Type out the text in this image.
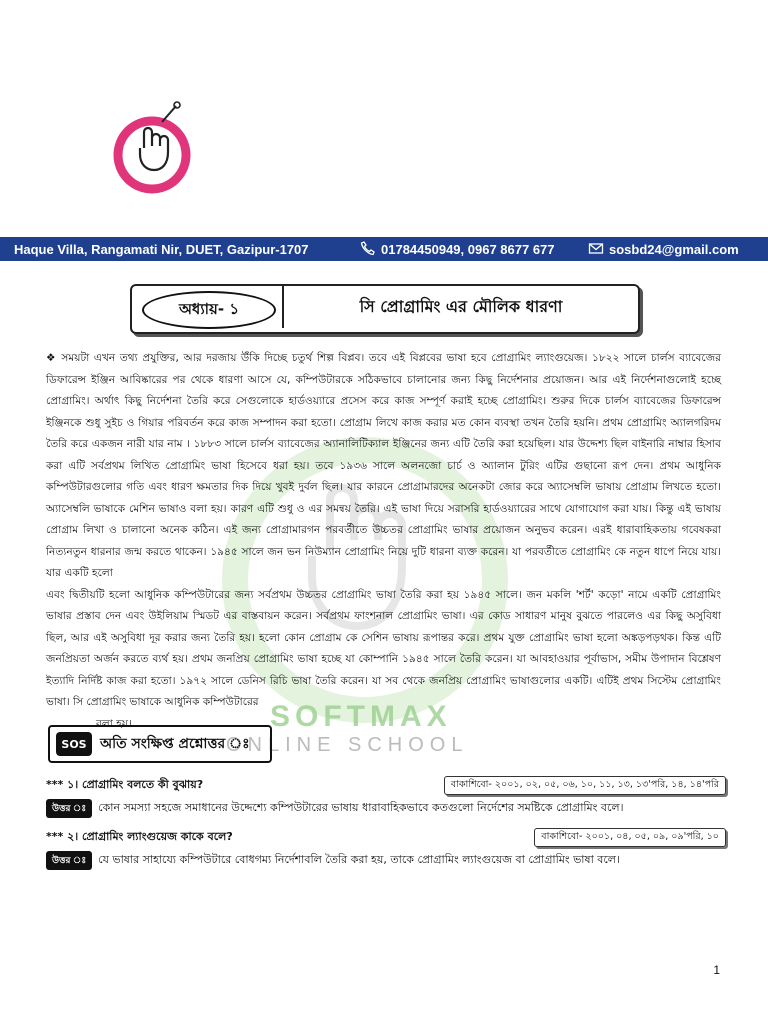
Haque Villa, Rangamati Nir, DUET, Gazipur-1707	01784450949, 0967 8677 677	sosbd24@gmail.com
অধ্যায়- ১	সি প্রোগ্রামিং এর মৌলিক ধারণা
SOFTMAX
ONLINE SCHOOL

❖ সময়টা এখন তথ্য প্রযুক্তির, আর দরজায় উঁকি দিচ্ছে চতুর্থ শিল্প বিপ্লব। তবে এই বিপ্লবের ভাষা হবে প্রোগ্রামিং ল্যাংগুয়েজ। ১৮২২ সালে চার্লস ব্যাবেজের ডিফারেন্স ইঞ্জিন আবিষ্কারের পর থেকে ধারণা আসে যে, কম্পিউটারকে সঠিকভাবে চালানোর জন্য কিছু নির্দেশনার প্রয়োজন। আর এই নির্দেশনাগুলোই হচ্ছে প্রোগ্রামিং। অর্থাৎ কিছু নির্দেশনা তৈরি করে সেগুলোকে হার্ডওয়্যারে প্রসেস করে কাজ সম্পূর্ণ করাই হচ্ছে প্রোগ্রামিং। শুরুর দিকে চার্লস ব্যাবেজের ডিফারেন্স ইঞ্জিনকে শুধু সুইচ ও গিয়ার পরিবর্তন করে কাজ সম্পাদন করা হতো। প্রোগ্রাম লিখে কাজ করার মত কোন ব্যবস্থা তখন তৈরি হয়নি। প্রথম প্রোগ্রামিং অ্যালগরিদম তৈরি করে একজন নারী যার নাম । ১৮৮৩ সালে চার্লস ব্যাবেজের অ্যানালিটিক্যাল ইঞ্জিনের জন্য এটি তৈরি করা হয়েছিল। যার উদ্দেশ্য ছিল বাইনারি নাম্বার হিসাব করা এটি সর্বপ্রথম লিখিত প্রোগ্রামিং ভাষা হিসেবে ধরা হয়। তবে ১৯৩৬ সালে অলনজো চার্চ ও অ্যালান টুরিং এটির গুছানো রূপ দেন। প্রথম আধুনিক কম্পিউটারগুলোর গতি এবং ধারণ ক্ষমতার দিক দিয়ে খুবই দুর্বল ছিল। যার কারনে প্রোগ্রামারদের অনেকটা জোর করে অ্যাসেম্বলি ভাষায় প্রোগ্রাম লিখতে হতো। অ্যাসেম্বলি ভাষাকে মেশিন ভাষাও বলা হয়। কারণ এটি শুধু ও এর সমন্বয় তৈরি। এই ভাষা দিয়ে সরাসরি হার্ডওয়্যারের সাথে যোগাযোগ করা যায়। কিন্তু এই ভাষায় প্রোগ্রাম লিখা ও চালানো অনেক কঠিন। এই জন্য প্রোগ্রামারগন পরবর্তীতে উচ্চতর প্রোগ্রামিং ভাষার প্রয়োজন অনুভব করেন। এরই ধারাবাহিকতায় গবেষকরা নিত্যনতুন ধারনার জন্ম করতে থাকেন। ১৯৪৫ সালে জন ভন নিউম্যান প্রোগ্রামিং নিয়ে দুটি ধারনা ব্যক্ত করেন। যা পরবর্তীতে প্রোগ্রামিং কে নতুন ধাপে নিয়ে যায়। যার একটি হলো

এবং দ্বিতীয়টি হলো আধুনিক কম্পিউটারের জন্য সর্বপ্রথম উচ্চতর প্রোগ্রামিং ভাষা তৈরি করা হয় ১৯৪৫ সালে। জন মকলি 'শর্ট' কড়ো' নামে একটি প্রোগ্রামিং ভাষার প্রস্তাব দেন এবং উইলিয়াম স্মিডট এর বাস্তবায়ন করেন। সর্বপ্রথম ফাংশনাল প্রোগ্রামিং ভাষা। এর কোড সাধারণ মানুষ বুঝতে পারলেও এর কিছু অসুবিধা ছিল, আর এই অসুবিধা দূর করার জন্য তৈরি হয়। হলো কোন প্রোগ্রাম কে সেশিন ভাষায় রূপান্তর করে। প্রথম যুক্ত প্রোগ্রামিং ভাষা হলো অঙ্কড়পড়থক। কিন্ত এটি জনপ্রিয়তা অর্জন করতে ব্যর্থ হয়। প্রথম জনপ্রিয় প্রোগ্রামিং ভাষা হচ্ছে যা কোম্পানি ১৯৪৫ সালে তৈরি করেন। যা আবহাওয়ার পূর্বাভাস, সমীম উপাদান বিশ্লেষণ ইত্যাদি নির্দিষ্ট কাজ করা হতো। ১৯৭২ সালে ডেনিস রিচি ভাষা তৈরি করেন। যা সব থেকে জনপ্রিয় প্রোগ্রামিং ভাষাগুলোর একটি। এটিই প্রথম সিস্টেম প্রোগ্রামিং ভাষা। সি প্রোগ্রামিং ভাষাকে আধুনিক কম্পিউটারের

বলা হয়।

SOS অতি সংক্ষিপ্ত প্রশ্নোত্তর ঃ
*** ১। প্রোগ্রামিং বলতে কী বুঝায়?	বাকাশিবো- ২০০১, ০২, ০৫, ০৬, ১০, ১১, ১৩, ১৩'পরি, ১৪, ১৪'পরি
উত্তর ঃ	কোন সমস্যা সহজে সমাধানের উদ্দেশ্যে কম্পিউটারের ভাষায় ধারাবাহিকভাবে কতগুলো নির্দেশের সমষ্টিকে প্রোগ্রামিং বলে।
*** ২। প্রোগ্রামিং ল্যাংগুয়েজ কাকে বলে?	বাকাশিবো- ২০০১, ০৪, ০৫, ০৯, ০৯'পরি, ১০
উত্তর ঃ	যে ভাষার সাহায্যে কম্পিউটারে বোধগম্য নির্দেশাবলি তৈরি করা হয়, তাকে প্রোগ্রামিং ল্যাংগুয়েজ বা প্রোগ্রামিং ভাষা বলে।
1
